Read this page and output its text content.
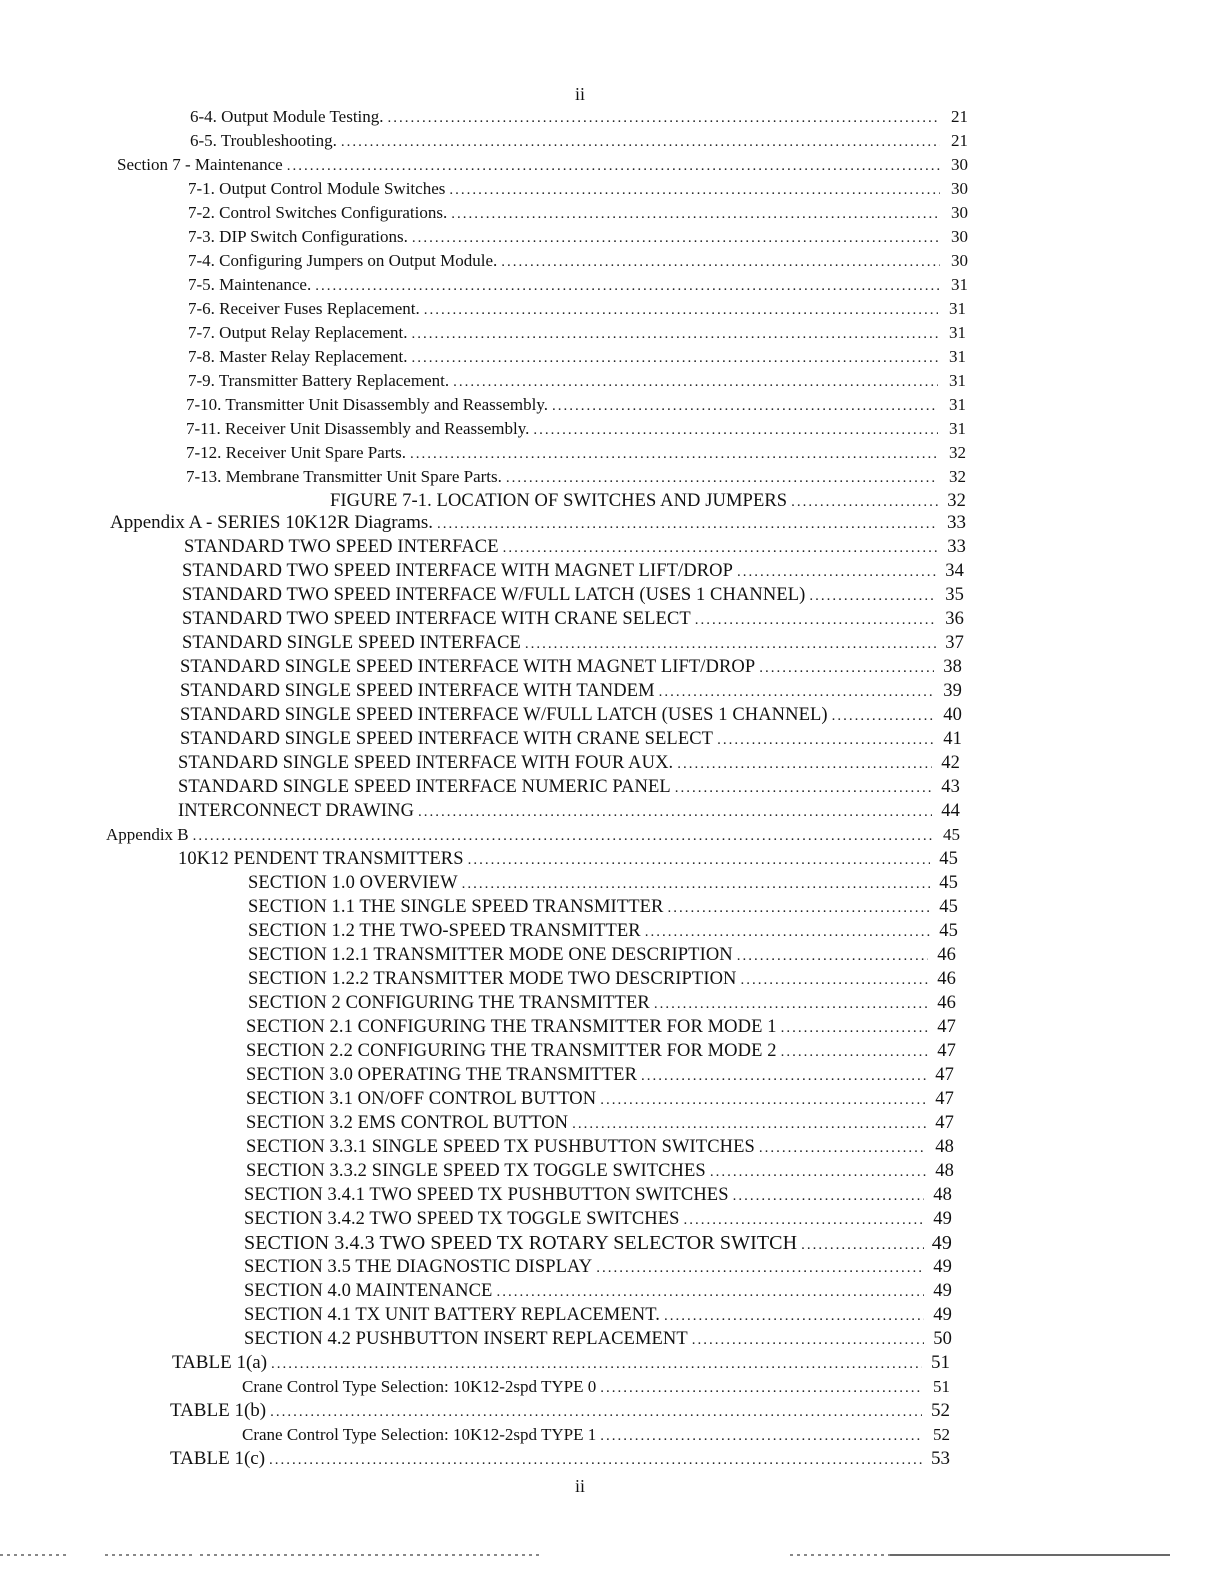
ii
6-4. Output Module Testing. .....	21
6-5. Troubleshooting. .....	21
Section 7 - Maintenance .....	30
7-1. Output Control Module Switches .....	30
7-2. Control Switches Configurations. .....	30
7-3. DIP Switch Configurations. .....	30
7-4. Configuring Jumpers on Output Module. .....	30
7-5. Maintenance. .....	31
7-6. Receiver Fuses Replacement. .....	31
7-7. Output Relay Replacement. .....	31
7-8. Master Relay Replacement. .....	31
7-9. Transmitter Battery Replacement. .....	31
7-10. Transmitter Unit Disassembly and Reassembly. .....	31
7-11. Receiver Unit Disassembly and Reassembly. .....	31
7-12. Receiver Unit Spare Parts. .....	32
7-13. Membrane Transmitter Unit Spare Parts. .....	32
FIGURE 7-1. LOCATION OF SWITCHES AND JUMPERS .....	32
Appendix A - SERIES 10K12R Diagrams. .....	33
STANDARD TWO SPEED INTERFACE .....	33
STANDARD TWO SPEED INTERFACE WITH MAGNET LIFT/DROP .....	34
STANDARD TWO SPEED INTERFACE W/FULL LATCH (USES 1 CHANNEL) .....	35
STANDARD TWO SPEED INTERFACE WITH CRANE SELECT .....	36
STANDARD SINGLE SPEED INTERFACE .....	37
STANDARD SINGLE SPEED INTERFACE WITH MAGNET LIFT/DROP .....	38
STANDARD SINGLE SPEED INTERFACE WITH TANDEM .....	39
STANDARD SINGLE SPEED INTERFACE W/FULL LATCH (USES 1 CHANNEL) .....	40
STANDARD SINGLE SPEED INTERFACE WITH CRANE SELECT .....	41
STANDARD SINGLE SPEED INTERFACE WITH FOUR AUX. .....	42
STANDARD SINGLE SPEED INTERFACE NUMERIC PANEL .....	43
INTERCONNECT DRAWING .....	44
Appendix B .....	45
10K12 PENDENT TRANSMITTERS .....	45
SECTION 1.0 OVERVIEW .....	45
SECTION 1.1 THE SINGLE SPEED TRANSMITTER .....	45
SECTION 1.2 THE TWO-SPEED TRANSMITTER .....	45
SECTION 1.2.1 TRANSMITTER MODE ONE DESCRIPTION .....	46
SECTION 1.2.2 TRANSMITTER MODE TWO DESCRIPTION .....	46
SECTION 2 CONFIGURING THE TRANSMITTER .....	46
SECTION 2.1 CONFIGURING THE TRANSMITTER FOR MODE 1 .....	47
SECTION 2.2 CONFIGURING THE TRANSMITTER FOR MODE 2 .....	47
SECTION 3.0 OPERATING THE TRANSMITTER .....	47
SECTION 3.1 ON/OFF CONTROL BUTTON .....	47
SECTION 3.2 EMS CONTROL BUTTON .....	47
SECTION 3.3.1 SINGLE SPEED TX PUSHBUTTON SWITCHES .....	48
SECTION 3.3.2 SINGLE SPEED TX TOGGLE SWITCHES .....	48
SECTION 3.4.1 TWO SPEED TX PUSHBUTTON SWITCHES .....	48
SECTION 3.4.2 TWO SPEED TX TOGGLE SWITCHES .....	49
SECTION 3.4.3 TWO SPEED TX ROTARY SELECTOR SWITCH .....	49
SECTION 3.5 THE DIAGNOSTIC DISPLAY .....	49
SECTION 4.0 MAINTENANCE .....	49
SECTION 4.1 TX UNIT BATTERY REPLACEMENT. .....	49
SECTION 4.2 PUSHBUTTON INSERT REPLACEMENT .....	50
TABLE 1(a) .....	51
Crane Control Type Selection: 10K12-2spd TYPE 0 .....	51
TABLE 1(b) .....	52
Crane Control Type Selection: 10K12-2spd TYPE 1 .....	52
TABLE 1(c) .....	53
ii
